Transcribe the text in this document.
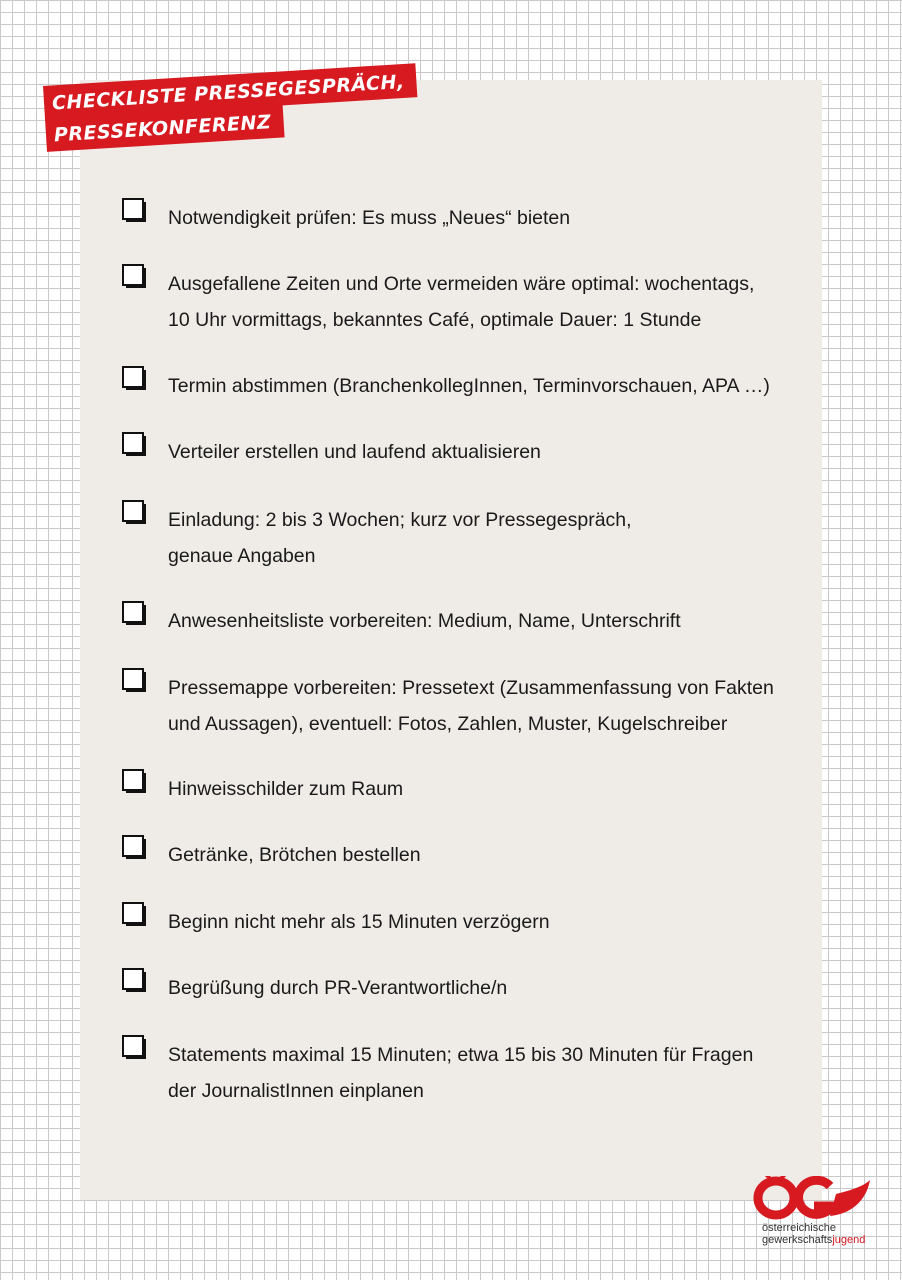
CHECKLISTE PRESSEGESPRÄCH,
PRESSEKONFERENZ
Notwendigkeit prüfen: Es muss „Neues“ bieten
Ausgefallene Zeiten und Orte vermeiden wäre optimal: wochentags, 10 Uhr vormittags, bekanntes Café, optimale Dauer: 1 Stunde
Termin abstimmen (BranchenkollegInnen, Terminvorschauen, APA …)
Verteiler erstellen und laufend aktualisieren
Einladung: 2 bis 3 Wochen; kurz vor Pressegespräch, genaue Angaben
Anwesenheitsliste vorbereiten: Medium, Name, Unterschrift
Pressemappe vorbereiten: Pressetext (Zusammenfassung von Fakten und Aussagen), eventuell: Fotos, Zahlen, Muster, Kugelschreiber
Hinweisschilder zum Raum
Getränke, Brötchen bestellen
Beginn nicht mehr als 15 Minuten verzögern
Begrüßung durch PR-Verantwortliche/n
Statements maximal 15 Minuten; etwa 15 bis 30 Minuten für Fragen der JournalistInnen einplanen
österreichische
gewerkschaftsjugend
